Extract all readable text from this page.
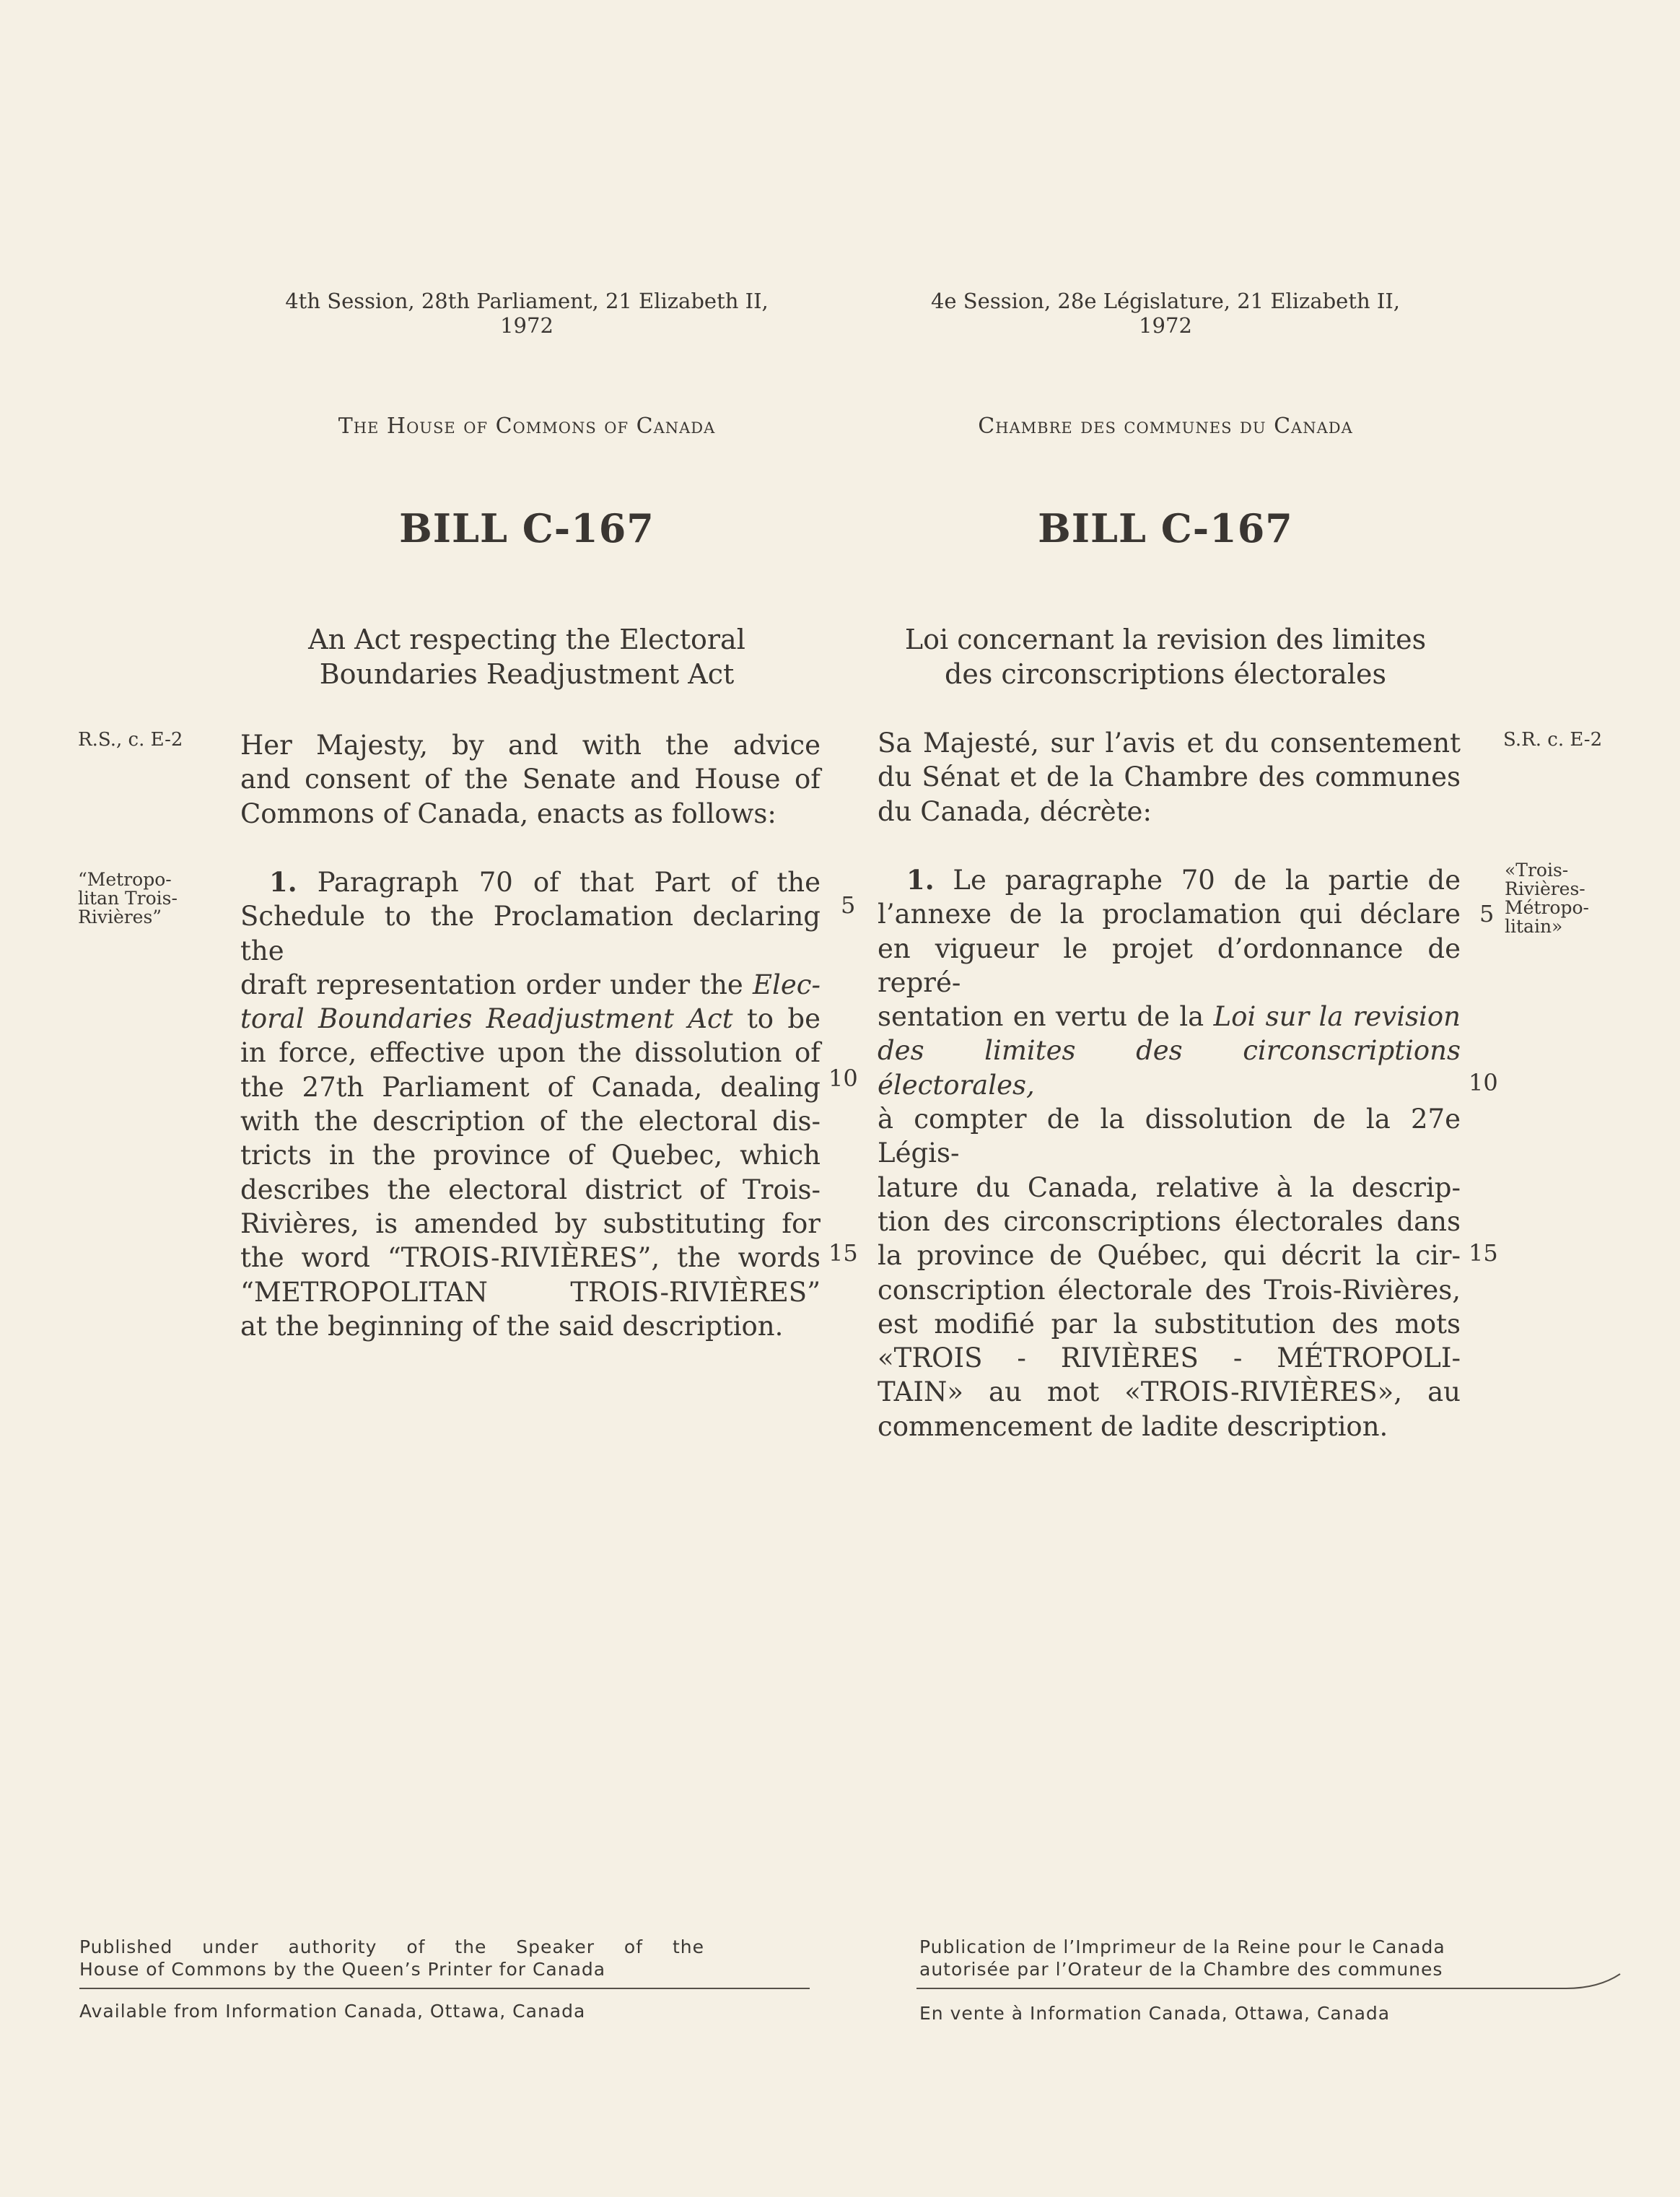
4th Session, 28th Parliament, 21 Elizabeth II,
1972
The House of Commons of Canada
BILL C-167
An Act respecting the Electoral
Boundaries Readjustment Act
R.S., c. E-2	Her Majesty, by and with the advice
and consent of the Senate and House of
Commons of Canada, enacts as follows:
“Metropo-
litan Trois-
Rivières”
1. Paragraph 70 of that Part of the
Schedule to the Proclamation declaring the
draft representation order under the Elec-
toral Boundaries Readjustment Act to be
in force, effective upon the dissolution of
the 27th Parliament of Canada, dealing
with the description of the electoral dis-
tricts in the province of Quebec, which
describes the electoral district of Trois-
Rivières, is amended by substituting for
the word “TROIS-RIVIÈRES”, the words
“METROPOLITAN TROIS-RIVIÈRES”
at the beginning of the said description.
5
10
15
4e Session, 28e Législature, 21 Elizabeth II,
1972
Chambre des communes du Canada
BILL C-167
Loi concernant la revision des limites
des circonscriptions électorales
Sa Majesté, sur l’avis et du consentement
du Sénat et de la Chambre des communes
du Canada, décrète:
S.R. c. E-2
1. Le paragraphe 70 de la partie de
l’annexe de la proclamation qui déclare
en vigueur le projet d’ordonnance de repré-
sentation en vertu de la Loi sur la revision
des limites des circonscriptions électorales,
à compter de la dissolution de la 27e Légis-
lature du Canada, relative à la descrip-
tion des circonscriptions électorales dans
la province de Québec, qui décrit la cir-
conscription électorale des Trois-Rivières,
est modifié par la substitution des mots
«TROIS - RIVIÈRES - MÉTROPOLI-
TAIN» au mot «TROIS-RIVIÈRES», au
commencement de ladite description.
5
10
15
«Trois-
Rivières-
Métropo-
litain»
Published under authority of the Speaker of the
House of Commons by the Queen’s Printer for Canada
Available from Information Canada, Ottawa, Canada
Publication de l’Imprimeur de la Reine pour le Canada
autorisée par l’Orateur de la Chambre des communes
En vente à Information Canada, Ottawa, Canada
